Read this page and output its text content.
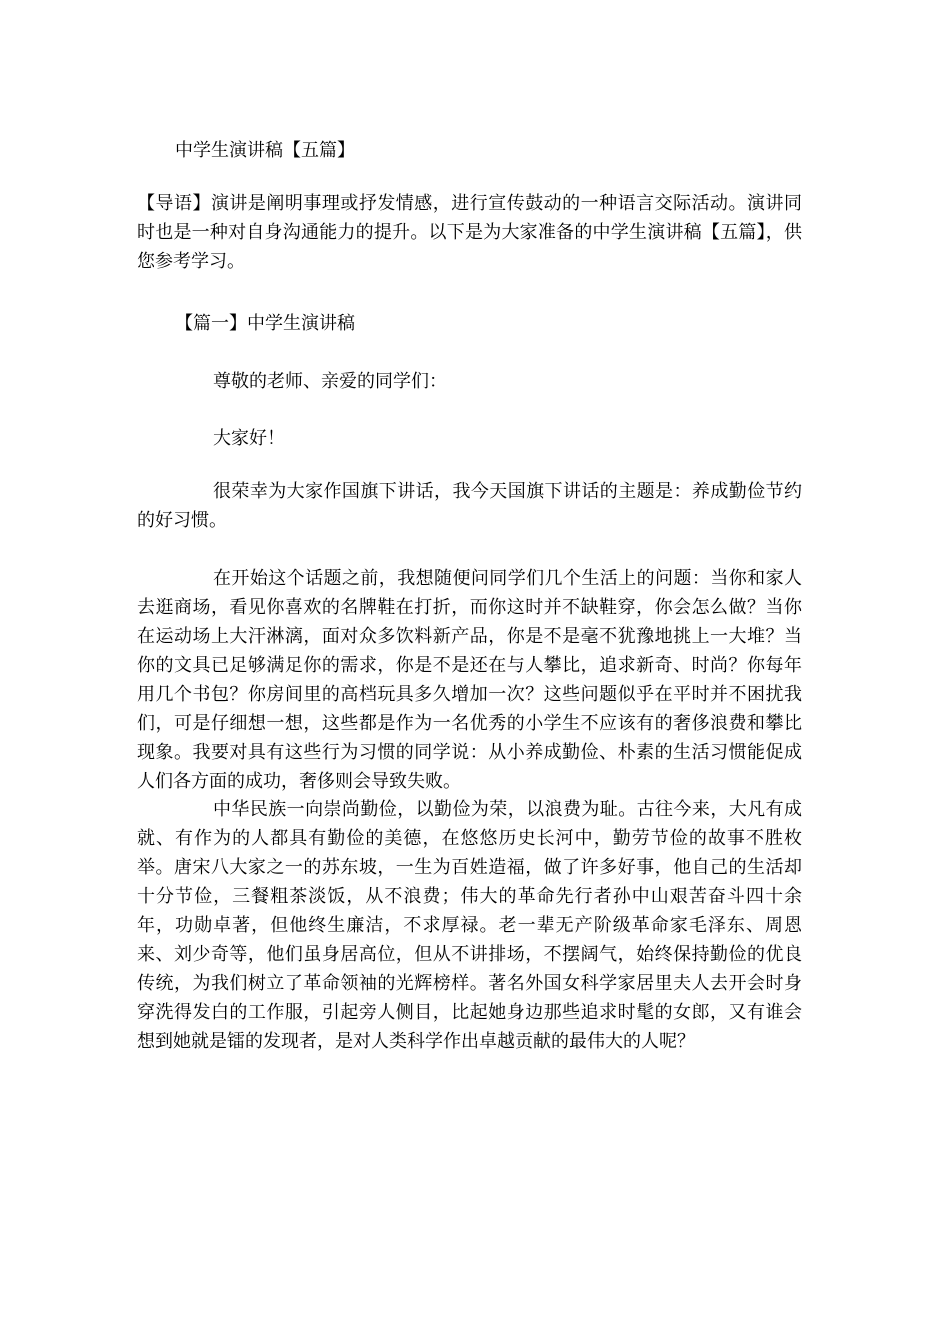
中学生演讲稿【五篇】

【导语】演讲是阐明事理或抒发情感，进行宣传鼓动的一种语言交际活动。演讲同时也是一种对自身沟通能力的提升。以下是为大家准备的中学生演讲稿【五篇】，供您参考学习。

【篇一】中学生演讲稿

尊敬的老师、亲爱的同学们：

大家好！

很荣幸为大家作国旗下讲话，我今天国旗下讲话的主题是：养成勤俭节约的好习惯。

在开始这个话题之前，我想随便问同学们几个生活上的问题：当你和家人去逛商场，看见你喜欢的名牌鞋在打折，而你这时并不缺鞋穿，你会怎么做？当你在运动场上大汗淋漓，面对众多饮料新产品，你是不是毫不犹豫地挑上一大堆？当你的文具已足够满足你的需求，你是不是还在与人攀比，追求新奇、时尚？你每年用几个书包？你房间里的高档玩具多久增加一次？这些问题似乎在平时并不困扰我们，可是仔细想一想，这些都是作为一名优秀的小学生不应该有的奢侈浪费和攀比现象。我要对具有这些行为习惯的同学说：从小养成勤俭、朴素的生活习惯能促成人们各方面的成功，奢侈则会导致失败。

中华民族一向崇尚勤俭，以勤俭为荣，以浪费为耻。古往今来，大凡有成就、有作为的人都具有勤俭的美德，在悠悠历史长河中，勤劳节俭的故事不胜枚举。唐宋八大家之一的苏东坡，一生为百姓造福，做了许多好事，他自己的生活却十分节俭，三餐粗茶淡饭，从不浪费；伟大的革命先行者孙中山艰苦奋斗四十余年，功勋卓著，但他终生廉洁，不求厚禄。老一辈无产阶级革命家毛泽东、周恩来、刘少奇等，他们虽身居高位，但从不讲排场，不摆阔气，始终保持勤俭的优良传统，为我们树立了革命领袖的光辉榜样。著名外国女科学家居里夫人去开会时身穿洗得发白的工作服，引起旁人侧目，比起她身边那些追求时髦的女郎，又有谁会想到她就是镭的发现者，是对人类科学作出卓越贡献的最伟大的人呢？
